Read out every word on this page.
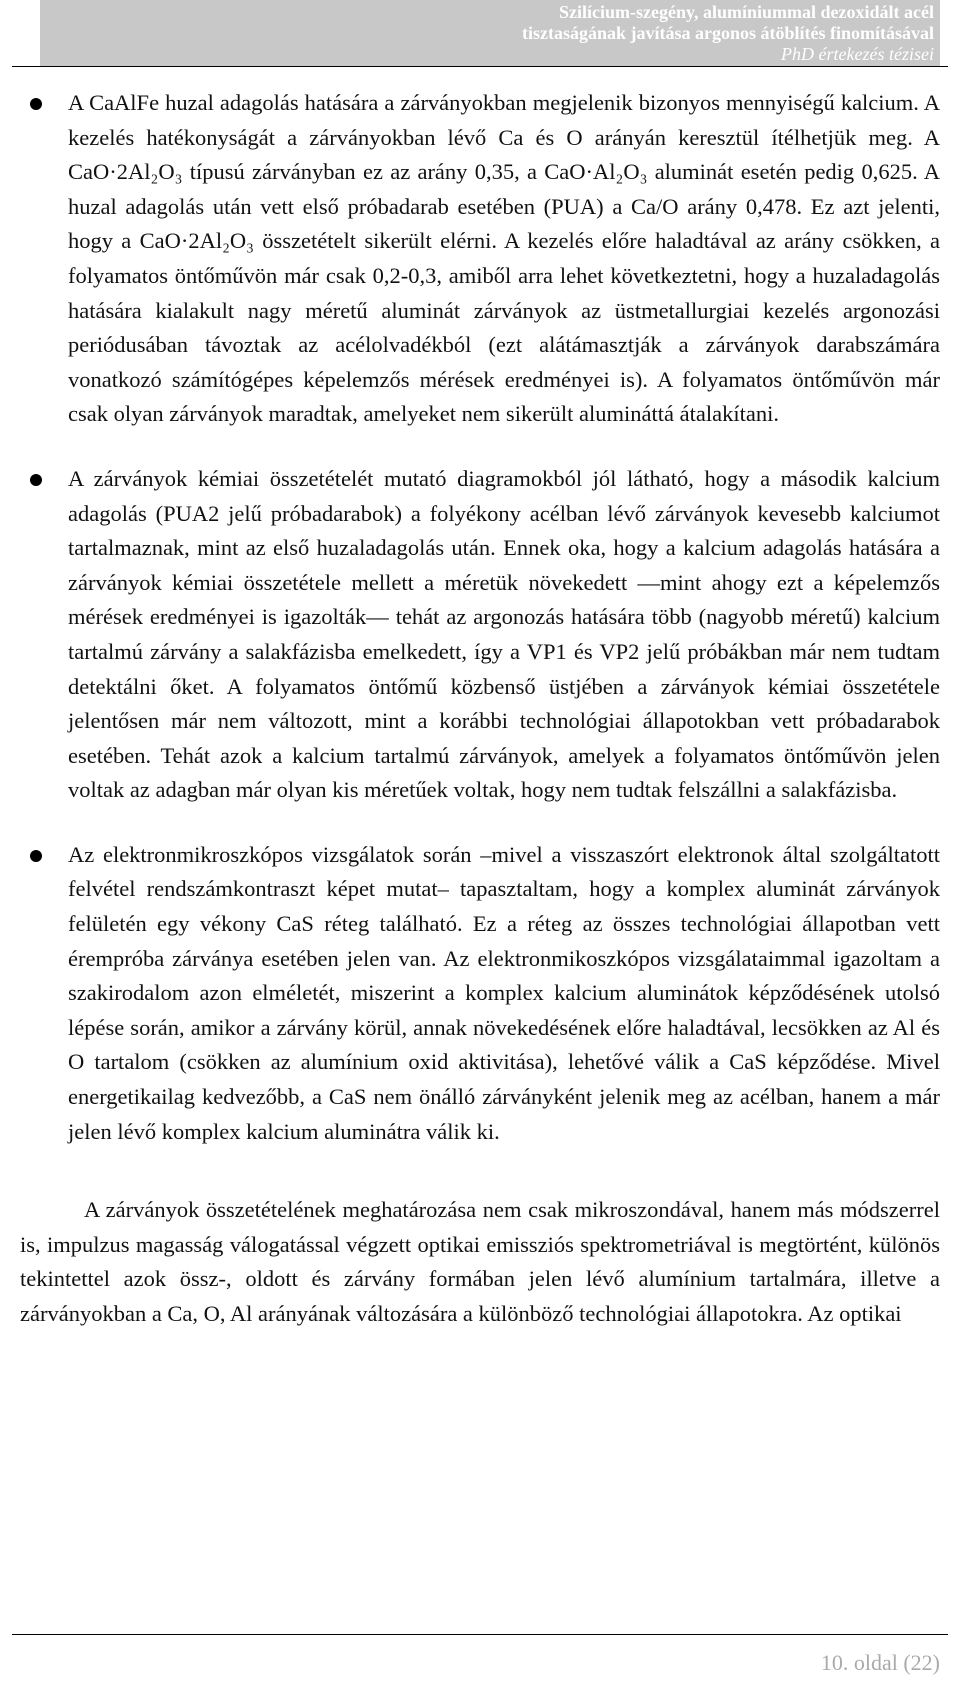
Szilícium-szegény, alumíniummal dezoxidált acél
tisztaságának javítása argonos átöblítés finomításával
PhD értekezés tézisei

A CaAlFe huzal adagolás hatására a zárványokban megjelenik bizonyos mennyiségű kalcium. A kezelés hatékonyságát a zárványokban lévő Ca és O arányán keresztül ítélhetjük meg. A CaO·2Al₂O₃ típusú zárványban ez az arány 0,35, a CaO·Al₂O₃ aluminát esetén pedig 0,625. A huzal adagolás után vett első próbadarab esetében (PUA) a Ca/O arány 0,478. Ez azt jelenti, hogy a CaO·2Al₂O₃ összetételt sikerült elérni. A kezelés előre haladtával az arány csökken, a folyamatos öntőművön már csak 0,2-0,3, amiből arra lehet következtetni, hogy a huzaladagolás hatására kialakult nagy méretű aluminát zárványok az üstmetallurgiai kezelés argonozási periódusában távoztak az acélolvadékból (ezt alátámasztják a zárványok darabszámára vonatkozó számítógépes képelemzős mérések eredményei is). A folyamatos öntőművön már csak olyan zárványok maradtak, amelyeket nem sikerült alumináttá átalakítani.

A zárványok kémiai összetételét mutató diagramokból jól látható, hogy a második kalcium adagolás (PUA2 jelű próbadarabok) a folyékony acélban lévő zárványok kevesebb kalciumot tartalmaznak, mint az első huzaladagolás után. Ennek oka, hogy a kalcium adagolás hatására a zárványok kémiai összetétele mellett a méretük növekedett —mint ahogy ezt a képelemzős mérések eredményei is igazolták— tehát az argonozás hatására több (nagyobb méretű) kalcium tartalmú zárvány a salakfázisba emelkedett, így a VP1 és VP2 jelű próbákban már nem tudtam detektálni őket. A folyamatos öntőmű közbenső üstjében a zárványok kémiai összetétele jelentősen már nem változott, mint a korábbi technológiai állapotokban vett próbadarabok esetében. Tehát azok a kalcium tartalmú zárványok, amelyek a folyamatos öntőművön jelen voltak az adagban már olyan kis méretűek voltak, hogy nem tudtak felszállni a salakfázisba.

Az elektronmikroszkópos vizsgálatok során –mivel a visszaszórt elektronok által szolgáltatott felvétel rendszámkontraszt képet mutat– tapasztaltam, hogy a komplex aluminát zárványok felületén egy vékony CaS réteg található. Ez a réteg az összes technológiai állapotban vett érempróba zárványa esetében jelen van. Az elektronmikoszkópos vizsgálataimmal igazoltam a szakirodalom azon elméletét, miszerint a komplex kalcium aluminátok képződésének utolsó lépése során, amikor a zárvány körül, annak növekedésének előre haladtával, lecsökken az Al és O tartalom (csökken az alumínium oxid aktivitása), lehetővé válik a CaS képződése. Mivel energetikailag kedvezőbb, a CaS nem önálló zárványként jelenik meg az acélban, hanem a már jelen lévő komplex kalcium aluminátra válik ki.

A zárványok összetételének meghatározása nem csak mikroszondával, hanem más módszerrel is, impulzus magasság válogatással végzett optikai emissziós spektrometriával is megtörtént, különös tekintettel azok össz-, oldott és zárvány formában jelen lévő alumínium tartalmára, illetve a zárványokban a Ca, O, Al arányának változására a különböző technológiai állapotokra. Az optikai

10. oldal (22)
